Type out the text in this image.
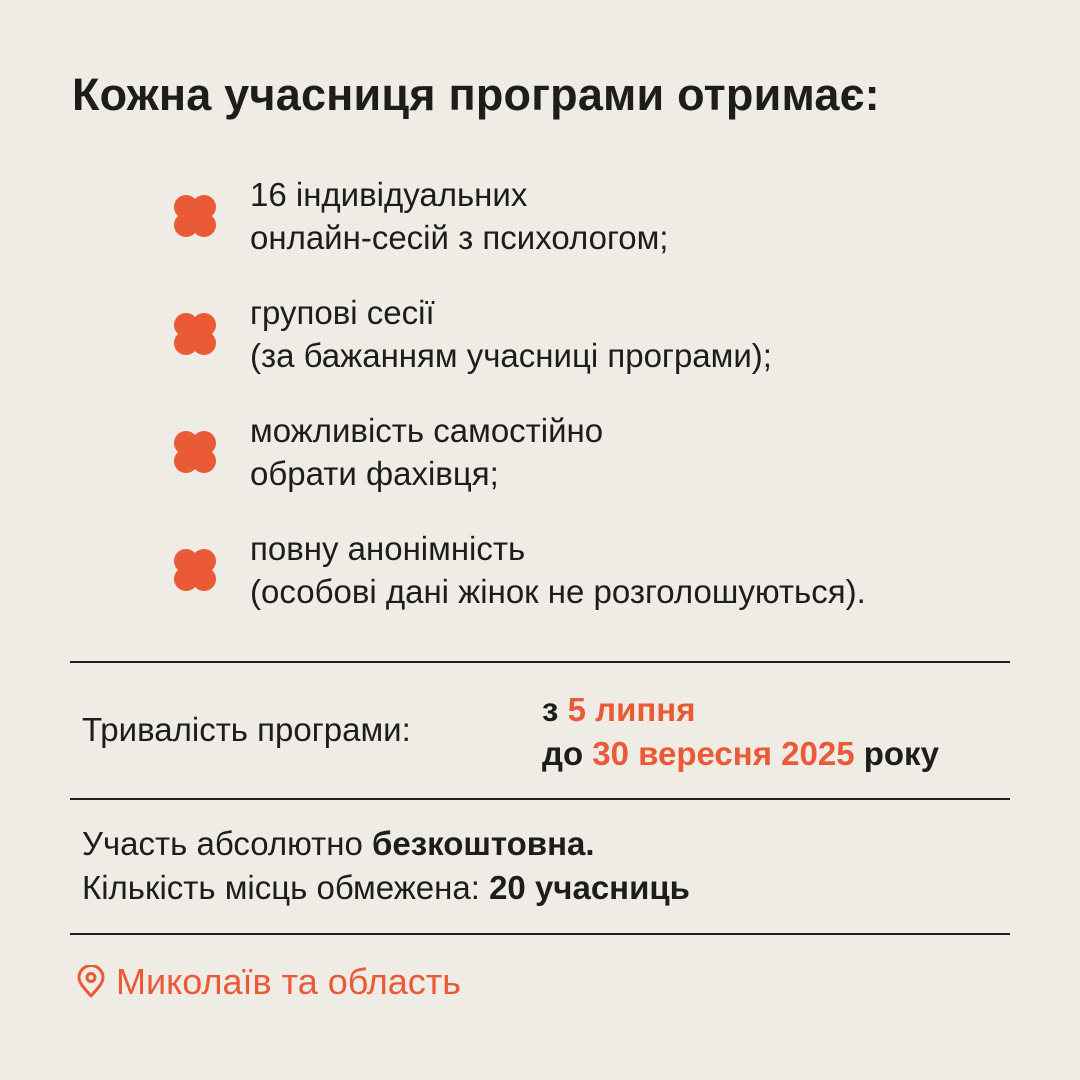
Кожна учасниця програми отримає:
16 індивідуальних
онлайн-сесій з психологом;
групові сесії
(за бажанням учасниці програми);
можливість самостійно
обрати фахівця;
повну анонімність
(особові дані жінок не розголошуються).
Тривалість програми:
з 5 липня
до 30 вересня 2025 року
Участь абсолютно безкоштовна.
Кількість місць обмежена: 20 учасниць
Миколаїв та область
